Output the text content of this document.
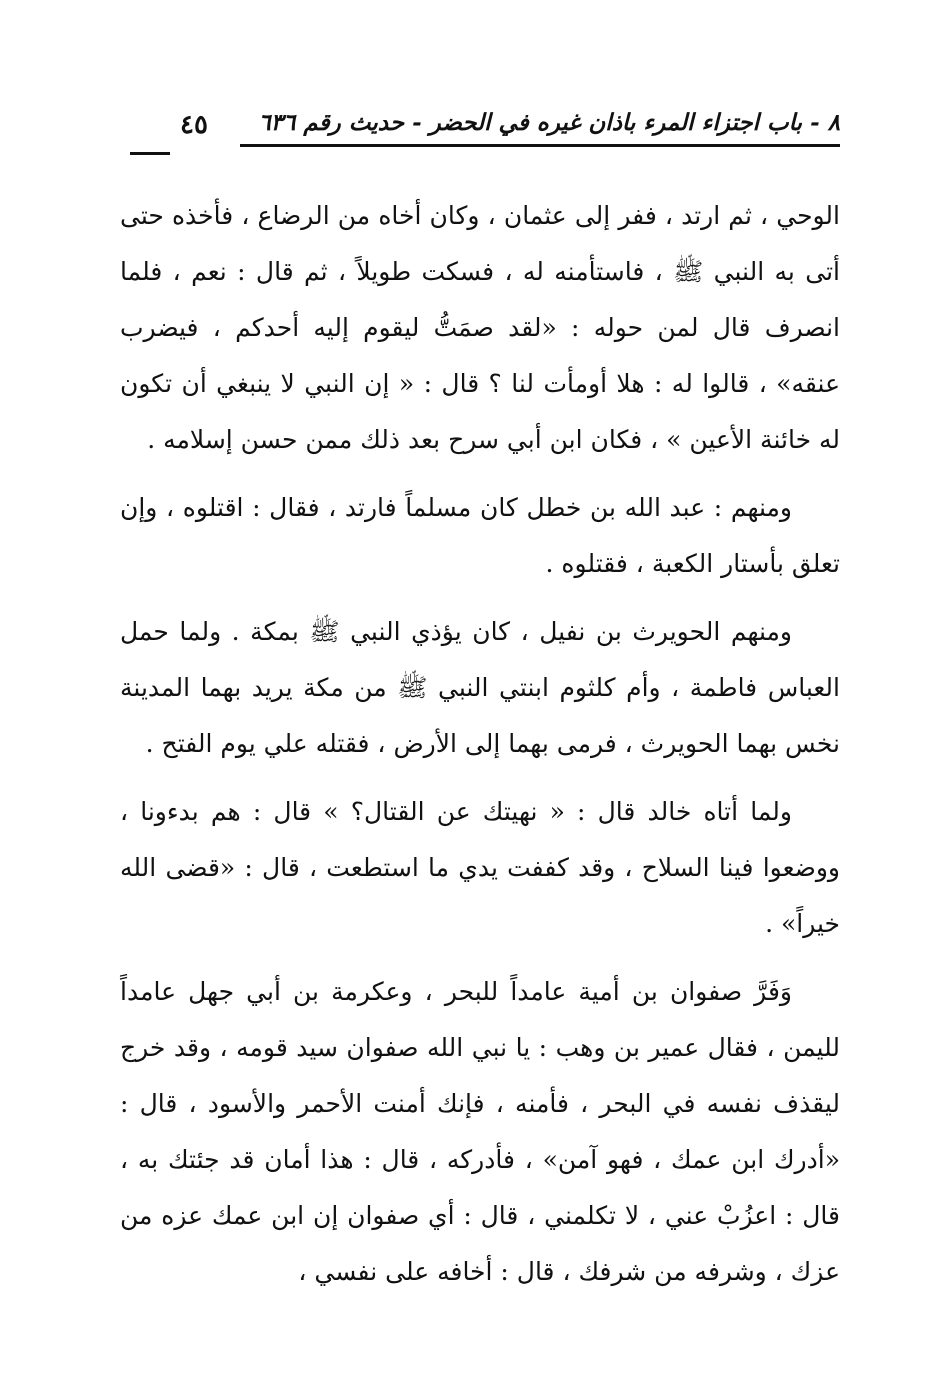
٨ - باب اجتزاء المرء باذان غيره في الحضر - حديث رقم ٦٣٦
٤٥

الوحي ، ثم ارتد ، ففر إلى عثمان ، وكان أخاه من الرضاع ، فأخذه حتى أتى به النبي ﷺ ، فاستأمنه له ، فسكت طويلاً ، ثم قال : نعم ، فلما انصرف قال لمن حوله : «لقد صمَتُّ ليقوم إليه أحدكم ، فيضرب عنقه» ، قالوا له : هلا أومأت لنا ؟ قال : « إن النبي لا ينبغي أن تكون له خائنة الأعين » ، فكان ابن أبي سرح بعد ذلك ممن حسن إسلامه .

ومنهم : عبد الله بن خطل كان مسلماً فارتد ، فقال : اقتلوه ، وإن تعلق بأستار الكعبة ، فقتلوه .

ومنهم الحويرث بن نفيل ، كان يؤذي النبي ﷺ بمكة . ولما حمل العباس فاطمة ، وأم كلثوم ابنتي النبي ﷺ من مكة يريد بهما المدينة نخس بهما الحويرث ، فرمى بهما إلى الأرض ، فقتله علي يوم الفتح .

ولما أتاه خالد قال : « نهيتك عن القتال؟ » قال : هم بدءونا ، ووضعوا فينا السلاح ، وقد كففت يدي ما استطعت ، قال : «قضى الله خيراً» .

وَفَرَّ صفوان بن أمية عامداً للبحر ، وعكرمة بن أبي جهل عامداً لليمن ، فقال عمير بن وهب : يا نبي الله صفوان سيد قومه ، وقد خرج ليقذف نفسه في البحر ، فأمنه ، فإنك أمنت الأحمر والأسود ، قال : «أدرك ابن عمك ، فهو آمن» ، فأدركه ، قال : هذا أمان قد جئتك به ، قال : اعزُبْ عني ، لا تكلمني ، قال : أي صفوان إن ابن عمك عزه من عزك ، وشرفه من شرفك ، قال : أخافه على نفسي ،
